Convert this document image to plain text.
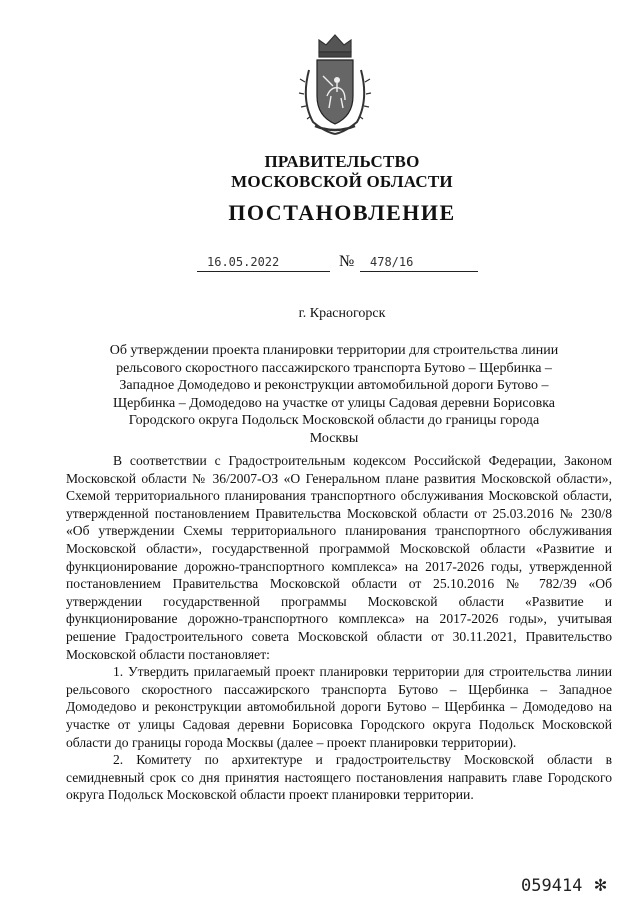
ПРАВИТЕЛЬСТВО
МОСКОВСКОЙ ОБЛАСТИ
ПОСТАНОВЛЕНИЕ
16.05.2022	№ 478/16
г. Красногорск
Об утверждении проекта планировки территории для строительства линии рельсового скоростного пассажирского транспорта Бутово – Щербинка – Западное Домодедово и реконструкции автомобильной дороги Бутово – Щербинка – Домодедово на участке от улицы Садовая деревни Борисовка Городского округа Подольск Московской области до границы города Москвы

В соответствии с Градостроительным кодексом Российской Федерации, Законом Московской области № 36/2007-ОЗ «О Генеральном плане развития Московской области», Схемой территориального планирования транспортного обслуживания Московской области, утвержденной постановлением Правительства Московской области от 25.03.2016 № 230/8 «Об утверждении Схемы территориального планирования транспортного обслуживания Московской области», государственной программой Московской области «Развитие и функционирование дорожно-транспортного комплекса» на 2017-2026 годы, утвержденной постановлением Правительства Московской области от 25.10.2016 № 782/39 «Об утверждении государственной программы Московской области «Развитие и функционирование дорожно-транспортного комплекса» на 2017-2026 годы», учитывая решение Градостроительного совета Московской области от 30.11.2021, Правительство Московской области постановляет:

1. Утвердить прилагаемый проект планировки территории для строительства линии рельсового скоростного пассажирского транспорта Бутово – Щербинка – Западное Домодедово и реконструкции автомобильной дороги Бутово – Щербинка – Домодедово на участке от улицы Садовая деревни Борисовка Городского округа Подольск Московской области до границы города Москвы (далее – проект планировки территории).

2. Комитету по архитектуре и градостроительству Московской области в семидневный срок со дня принятия настоящего постановления направить главе Городского округа Подольск Московской области проект планировки территории.

059414 ✻
